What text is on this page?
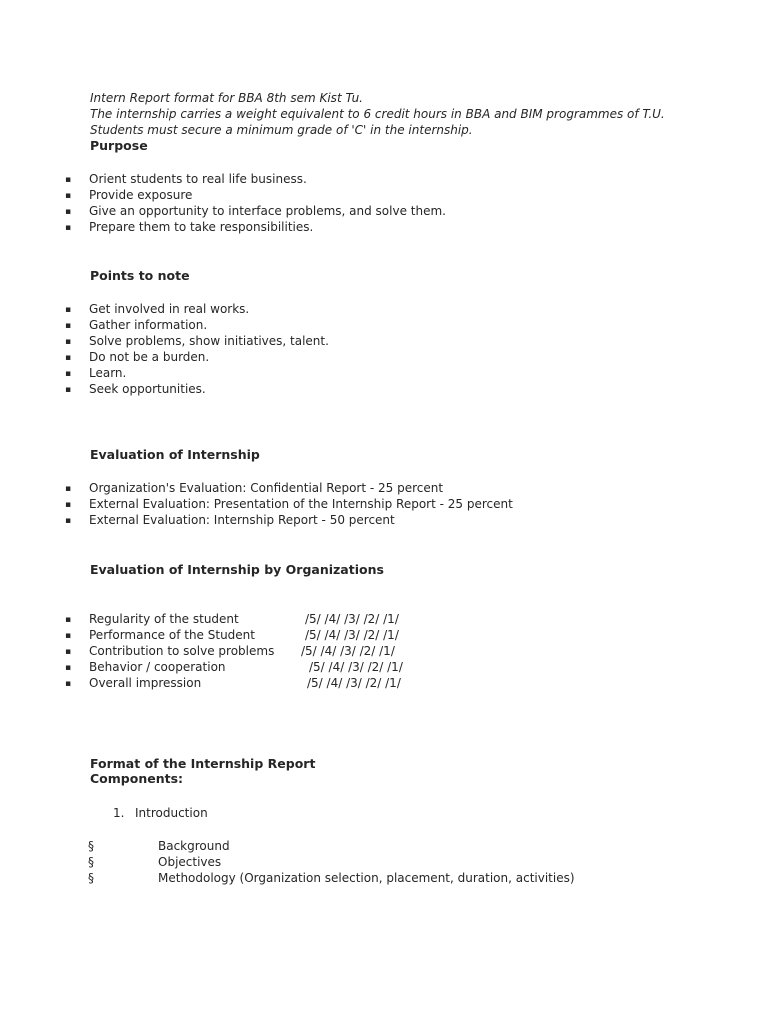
Intern Report format for BBA 8th sem Kist Tu.
The internship carries a weight equivalent to 6 credit hours in BBA and BIM programmes of T.U.
Students must secure a minimum grade of 'C' in the internship.
Purpose
▪ Orient students to real life business.
▪ Provide exposure
▪ Give an opportunity to interface problems, and solve them.
▪ Prepare them to take responsibilities.
Points to note
▪ Get involved in real works.
▪ Gather information.
▪ Solve problems, show initiatives, talent.
▪ Do not be a burden.
▪ Learn.
▪ Seek opportunities.
Evaluation of Internship
▪ Organization's Evaluation: Confidential Report - 25 percent
▪ External Evaluation: Presentation of the Internship Report - 25 percent
▪ External Evaluation: Internship Report - 50 percent
Evaluation of Internship by Organizations
▪ Regularity of the student	/5/ /4/ /3/ /2/ /1/
▪ Performance of the Student	/5/ /4/ /3/ /2/ /1/
▪ Contribution to solve problems /5/ /4/ /3/ /2/ /1/
▪ Behavior / cooperation	/5/ /4/ /3/ /2/ /1/
▪ Overall impression	/5/ /4/ /3/ /2/ /1/
Format of the Internship Report
Components:
1. Introduction
§	Background
§	Objectives
§	Methodology (Organization selection, placement, duration, activities)
